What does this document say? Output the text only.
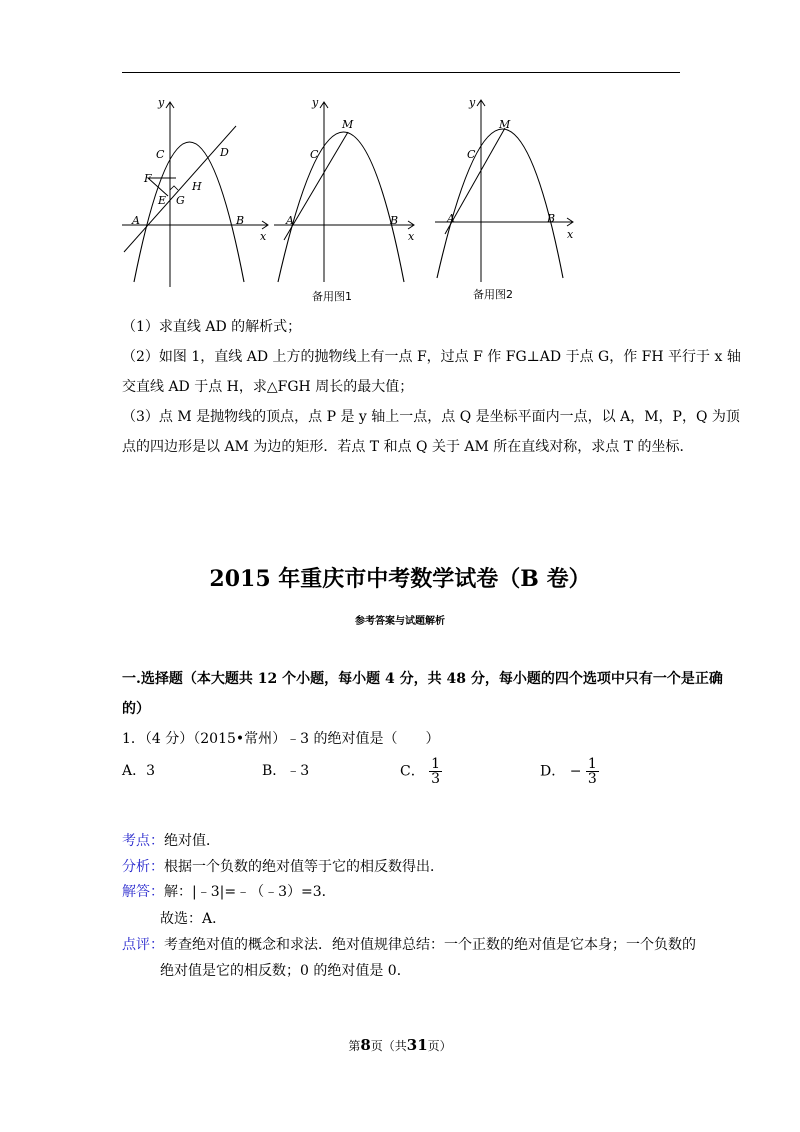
y
x
C	D
F
H
E G
A	B
y
x
M
C
A	B
备用图1
y
x
M
C
A	B
备用图2
（1）求直线 AD 的解析式；
（2）如图 1，直线 AD 上方的抛物线上有一点 F，过点 F 作 FG⊥AD 于点 G，作 FH 平行于 x 轴
交直线 AD 于点 H，求△FGH 周长的最大值；
（3）点 M 是抛物线的顶点，点 P 是 y 轴上一点，点 Q 是坐标平面内一点，以 A，M，P，Q 为顶
点的四边形是以 AM 为边的矩形．若点 T 和点 Q 关于 AM 所在直线对称，求点 T 的坐标．
2015 年重庆市中考数学试卷（B 卷）
参考答案与试题解析
一.选择题（本大题共 12 个小题，每小题 4 分，共 48 分，每小题的四个选项中只有一个是正确
的）
1．（4 分）（2015•常州）﹣3 的绝对值是（　　）
A．3	B．﹣3	C． $\frac{1}{3}$	D． − $\frac{1}{3}$
考点：绝对值．
分析：根据一个负数的绝对值等于它的相反数得出．
解答：解：|﹣3|=﹣（﹣3）=3．
故选：A．
点评：考查绝对值的概念和求法．绝对值规律总结：一个正数的绝对值是它本身；一个负数的
绝对值是它的相反数；0 的绝对值是 0．
第8页（共31页）
